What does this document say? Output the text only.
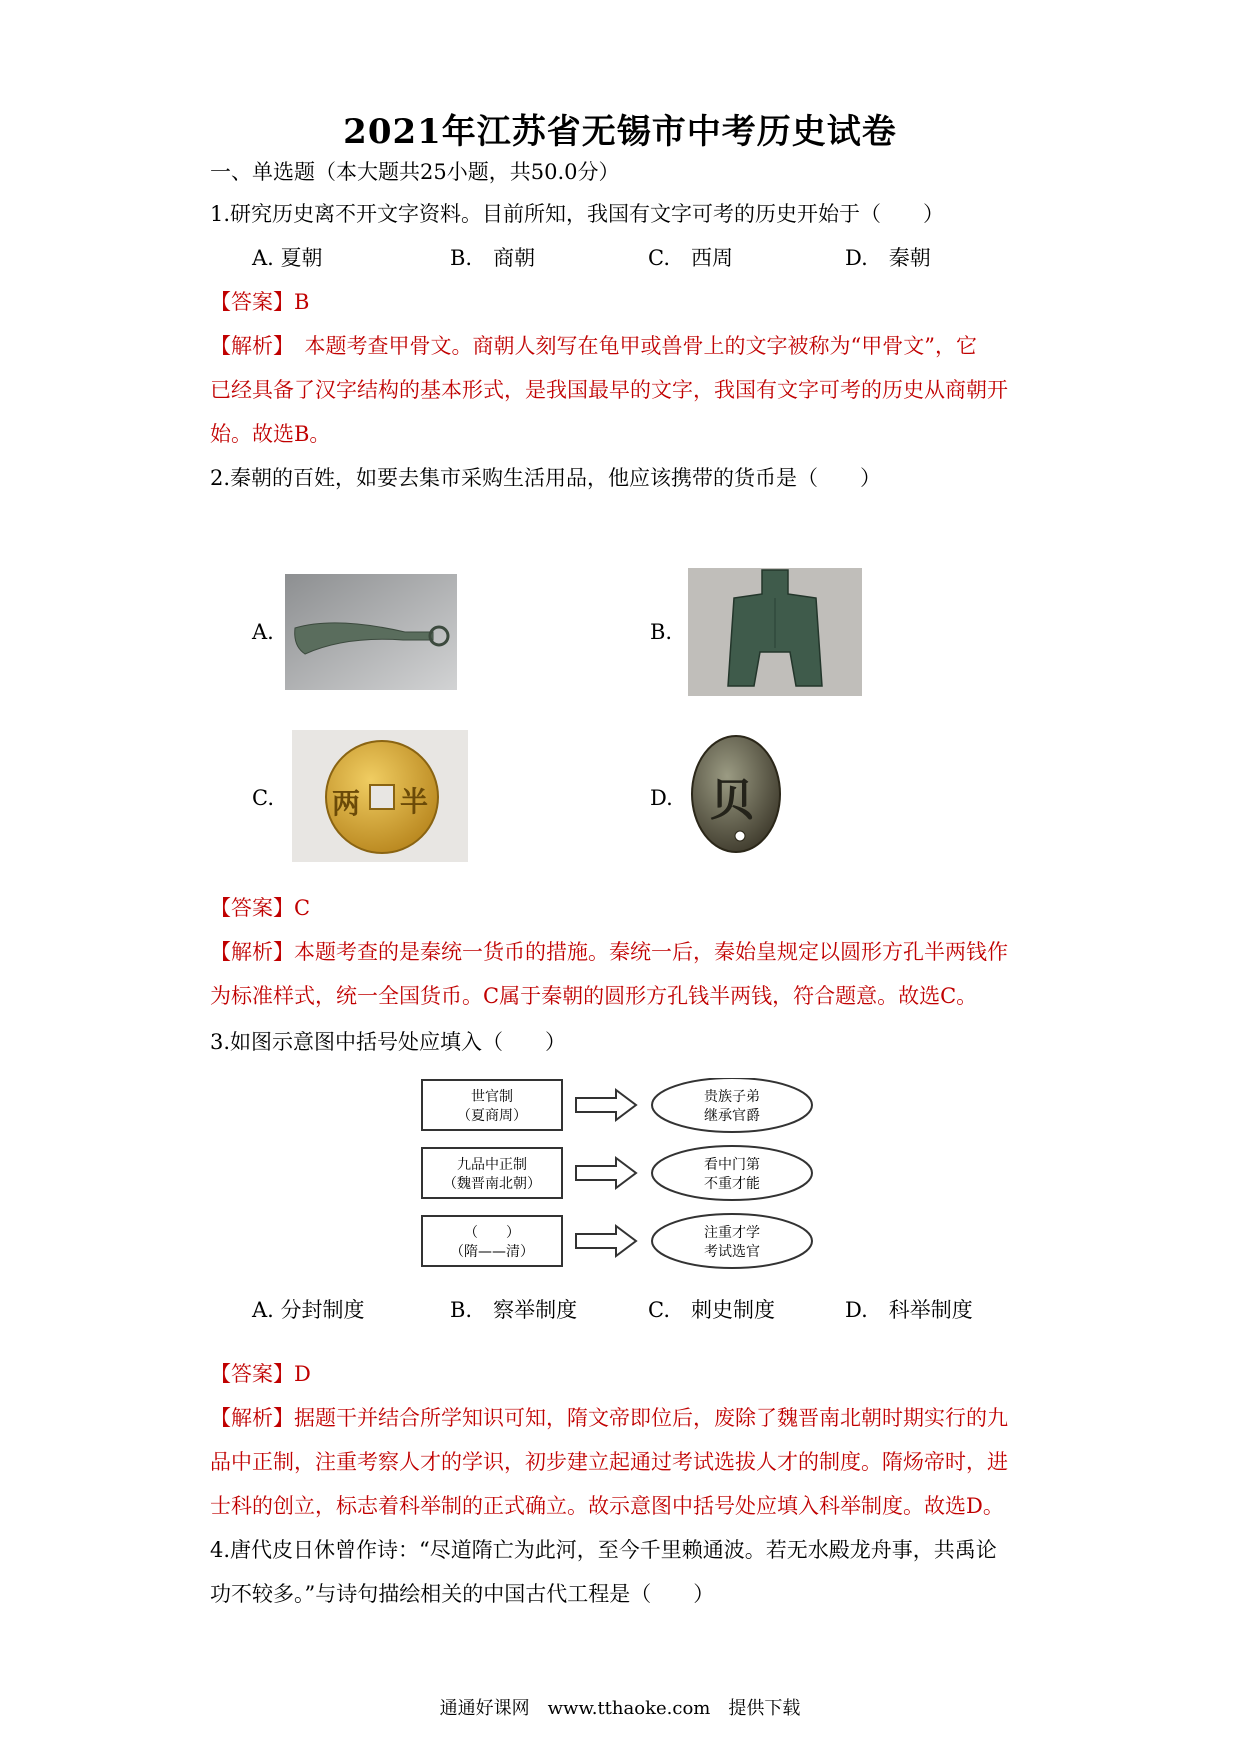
2021年江苏省无锡市中考历史试卷
一、单选题（本大题共25小题，共50.0分）
1.研究历史离不开文字资料。目前所知，我国有文字可考的历史开始于（　　）
A. 夏朝	B.　商朝	C.　西周	D.　秦朝
【答案】B
【解析】　本题考查甲骨文。商朝人刻写在龟甲或兽骨上的文字被称为“甲骨文”，它
已经具备了汉字结构的基本形式，是我国最早的文字，我国有文字可考的历史从商朝开
始。故选B。
2.秦朝的百姓，如要去集市采购生活用品，他应该携带的货币是（　　）
A.	B.
C. 两 半	D. 贝
【答案】C
【解析】本题考查的是秦统一货币的措施。秦统一后，秦始皇规定以圆形方孔半两钱作
为标准样式，统一全国货币。C属于秦朝的圆形方孔钱半两钱，符合题意。故选C。
3.如图示意图中括号处应填入（　　）
世官制
（夏商周）
贵族子弟
继承官爵
九品中正制
（魏晋南北朝）
看中门第
不重才能
（　　）
（隋——清）
注重才学
考试选官
A. 分封制度	B.　察举制度	C.　刺史制度	D.　科举制度
【答案】D
【解析】据题干并结合所学知识可知，隋文帝即位后，废除了魏晋南北朝时期实行的九
品中正制，注重考察人才的学识，初步建立起通过考试选拔人才的制度。隋炀帝时，进
士科的创立，标志着科举制的正式确立。故示意图中括号处应填入科举制度。故选D。
4.唐代皮日休曾作诗：“尽道隋亡为此河，至今千里赖通波。若无水殿龙舟事，共禹论
功不较多。”与诗句描绘相关的中国古代工程是（　　）
通通好课网　www.tthaoke.com　提供下载
